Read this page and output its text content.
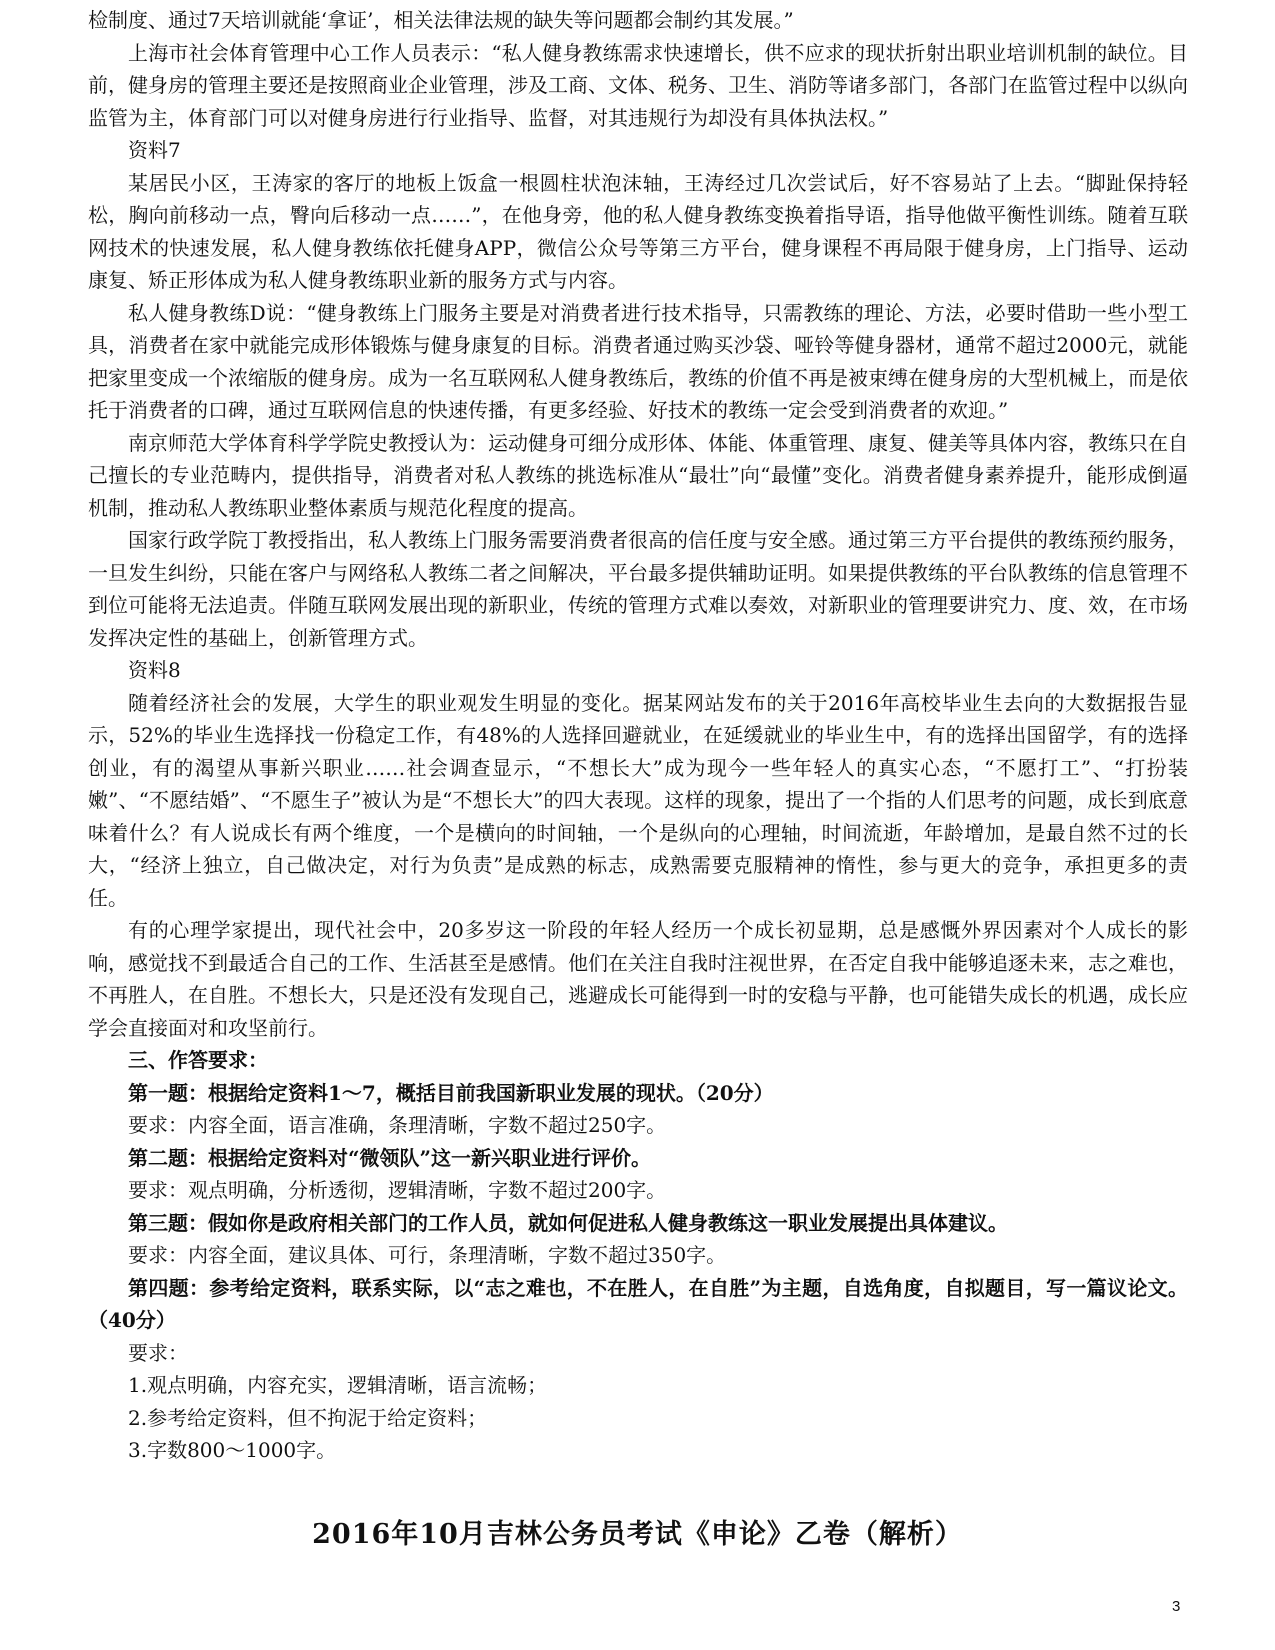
检制度、通过7天培训就能‘拿证’，相关法律法规的缺失等问题都会制约其发展。”

上海市社会体育管理中心工作人员表示：“私人健身教练需求快速增长，供不应求的现状折射出职业培训机制的缺位。目前，健身房的管理主要还是按照商业企业管理，涉及工商、文体、税务、卫生、消防等诸多部门，各部门在监管过程中以纵向监管为主，体育部门可以对健身房进行行业指导、监督，对其违规行为却没有具体执法权。”

资料7

某居民小区，王涛家的客厅的地板上饭盒一根圆柱状泡沫轴，王涛经过几次尝试后，好不容易站了上去。“脚趾保持轻松，胸向前移动一点，臀向后移动一点……”，在他身旁，他的私人健身教练变换着指导语，指导他做平衡性训练。随着互联网技术的快速发展，私人健身教练依托健身APP，微信公众号等第三方平台，健身课程不再局限于健身房，上门指导、运动康复、矫正形体成为私人健身教练职业新的服务方式与内容。

私人健身教练D说：“健身教练上门服务主要是对消费者进行技术指导，只需教练的理论、方法，必要时借助一些小型工具，消费者在家中就能完成形体锻炼与健身康复的目标。消费者通过购买沙袋、哑铃等健身器材，通常不超过2000元，就能把家里变成一个浓缩版的健身房。成为一名互联网私人健身教练后，教练的价值不再是被束缚在健身房的大型机械上，而是依托于消费者的口碑，通过互联网信息的快速传播，有更多经验、好技术的教练一定会受到消费者的欢迎。”

南京师范大学体育科学学院史教授认为：运动健身可细分成形体、体能、体重管理、康复、健美等具体内容，教练只在自己擅长的专业范畴内，提供指导，消费者对私人教练的挑选标准从“最壮”向“最懂”变化。消费者健身素养提升，能形成倒逼机制，推动私人教练职业整体素质与规范化程度的提高。

国家行政学院丁教授指出，私人教练上门服务需要消费者很高的信任度与安全感。通过第三方平台提供的教练预约服务，一旦发生纠纷，只能在客户与网络私人教练二者之间解决，平台最多提供辅助证明。如果提供教练的平台队教练的信息管理不到位可能将无法追责。伴随互联网发展出现的新职业，传统的管理方式难以奏效，对新职业的管理要讲究力、度、效，在市场发挥决定性的基础上，创新管理方式。

资料8

随着经济社会的发展，大学生的职业观发生明显的变化。据某网站发布的关于2016年高校毕业生去向的大数据报告显示，52%的毕业生选择找一份稳定工作，有48%的人选择回避就业，在延缓就业的毕业生中，有的选择出国留学，有的选择创业，有的渴望从事新兴职业……社会调查显示，“不想长大”成为现今一些年轻人的真实心态，“不愿打工”、“打扮装嫩”、“不愿结婚”、“不愿生子”被认为是“不想长大”的四大表现。这样的现象，提出了一个指的人们思考的问题，成长到底意味着什么？有人说成长有两个维度，一个是横向的时间轴，一个是纵向的心理轴，时间流逝，年龄增加，是最自然不过的长大，“经济上独立，自己做决定，对行为负责”是成熟的标志，成熟需要克服精神的惰性，参与更大的竞争，承担更多的责任。

有的心理学家提出，现代社会中，20多岁这一阶段的年轻人经历一个成长初显期，总是感慨外界因素对个人成长的影响，感觉找不到最适合自己的工作、生活甚至是感情。他们在关注自我时注视世界，在否定自我中能够追逐未来，志之难也，不再胜人，在自胜。不想长大，只是还没有发现自己，逃避成长可能得到一时的安稳与平静，也可能错失成长的机遇，成长应学会直接面对和攻坚前行。

三、作答要求：

第一题：根据给定资料1～7，概括目前我国新职业发展的现状。（20分）

要求：内容全面，语言准确，条理清晰，字数不超过250字。

第二题：根据给定资料对“微领队”这一新兴职业进行评价。

要求：观点明确，分析透彻，逻辑清晰，字数不超过200字。

第三题：假如你是政府相关部门的工作人员，就如何促进私人健身教练这一职业发展提出具体建议。

要求：内容全面，建议具体、可行，条理清晰，字数不超过350字。

第四题：参考给定资料，联系实际，以“志之难也，不在胜人，在自胜”为主题，自选角度，自拟题目，写一篇议论文。（40分）

要求：

1.观点明确，内容充实，逻辑清晰，语言流畅；

2.参考给定资料，但不拘泥于给定资料；

3.字数800～1000字。

2016年10月吉林公务员考试《申论》乙卷（解析）
3
